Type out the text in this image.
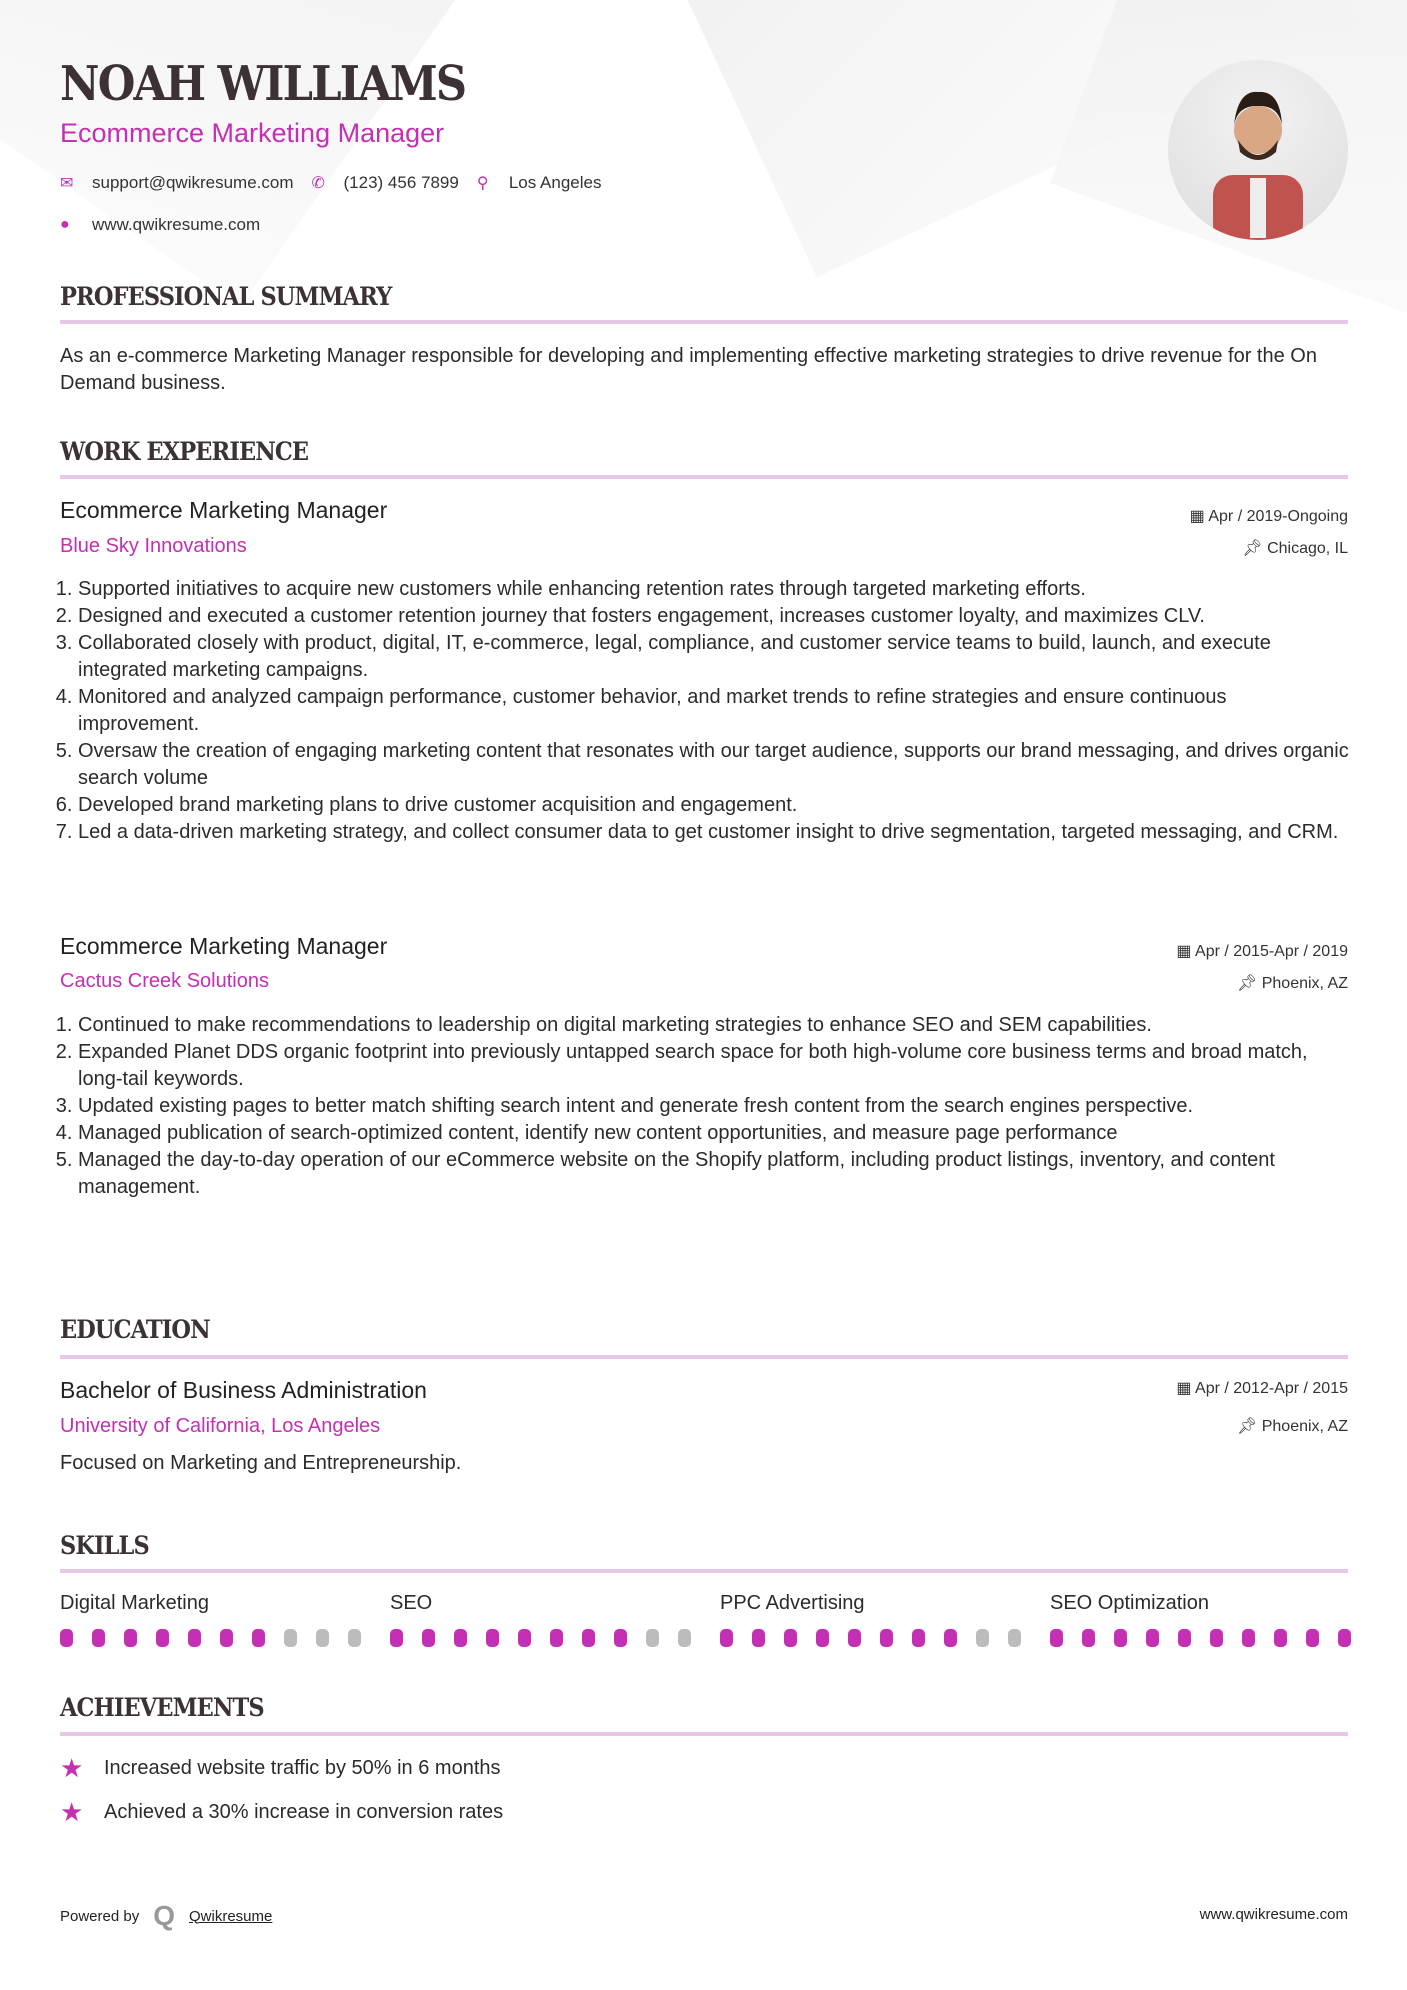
NOAH WILLIAMS
Ecommerce Marketing Manager
✉	support@qwikresume.com ✆	(123) 456 7899 ⚲	Los Angeles
●	www.qwikresume.com
PROFESSIONAL SUMMARY
As an e-commerce Marketing Manager responsible for developing and implementing effective marketing strategies to drive revenue for the On Demand business.
WORK EXPERIENCE
Ecommerce Marketing Manager	▦ Apr / 2019-Ongoing
Blue Sky Innovations	📌︎ Chicago, IL
1. Supported initiatives to acquire new customers while enhancing retention rates through targeted marketing efforts.
2. Designed and executed a customer retention journey that fosters engagement, increases customer loyalty, and maximizes CLV.
3. Collaborated closely with product, digital, IT, e-commerce, legal, compliance, and customer service teams to build, launch, and execute integrated marketing campaigns.
4. Monitored and analyzed campaign performance, customer behavior, and market trends to refine strategies and ensure continuous improvement.
5. Oversaw the creation of engaging marketing content that resonates with our target audience, supports our brand messaging, and drives organic search volume
6. Developed brand marketing plans to drive customer acquisition and engagement.
7. Led a data-driven marketing strategy, and collect consumer data to get customer insight to drive segmentation, targeted messaging, and CRM.
Ecommerce Marketing Manager	▦ Apr / 2015-Apr / 2019
Cactus Creek Solutions	📌︎ Phoenix, AZ
1. Continued to make recommendations to leadership on digital marketing strategies to enhance SEO and SEM capabilities.
2. Expanded Planet DDS organic footprint into previously untapped search space for both high-volume core business terms and broad match, long-tail keywords.
3. Updated existing pages to better match shifting search intent and generate fresh content from the search engines perspective.
4. Managed publication of search-optimized content, identify new content opportunities, and measure page performance
5. Managed the day-to-day operation of our eCommerce website on the Shopify platform, including product listings, inventory, and content management.
EDUCATION
Bachelor of Business Administration	▦ Apr / 2012-Apr / 2015
University of California, Los Angeles	📌︎ Phoenix, AZ
Focused on Marketing and Entrepreneurship.
SKILLS
Digital Marketing	SEO	PPC Advertising	SEO Optimization
ACHIEVEMENTS
★	Increased website traffic by 50% in 6 months
★	Achieved a 30% increase in conversion rates
Powered by Q Qwikresume	www.qwikresume.com
